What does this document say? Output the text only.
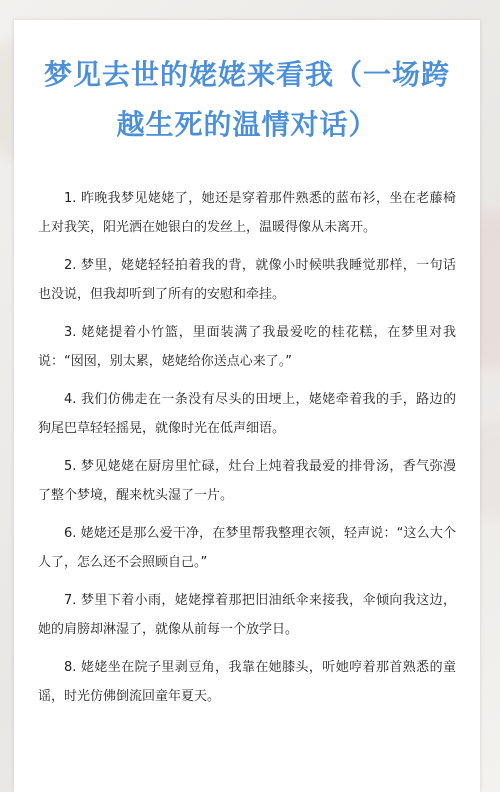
梦见去世的姥姥来看我（一场跨越生死的温情对话）

1. 昨晚我梦见姥姥了，她还是穿着那件熟悉的蓝布衫，坐在老藤椅上对我笑，阳光洒在她银白的发丝上，温暖得像从未离开。

2. 梦里，姥姥轻轻拍着我的背，就像小时候哄我睡觉那样，一句话也没说，但我却听到了所有的安慰和牵挂。

3. 姥姥提着小竹篮，里面装满了我最爱吃的桂花糕，在梦里对我说：“囡囡，别太累，姥姥给你送点心来了。”

4. 我们仿佛走在一条没有尽头的田埂上，姥姥牵着我的手，路边的狗尾巴草轻轻摇晃，就像时光在低声细语。

5. 梦见姥姥在厨房里忙碌，灶台上炖着我最爱的排骨汤，香气弥漫了整个梦境，醒来枕头湿了一片。

6. 姥姥还是那么爱干净，在梦里帮我整理衣领，轻声说：“这么大个人了，怎么还不会照顾自己。”

7. 梦里下着小雨，姥姥撑着那把旧油纸伞来接我，伞倾向我这边，她的肩膀却淋湿了，就像从前每一个放学日。

8. 姥姥坐在院子里剥豆角，我靠在她膝头，听她哼着那首熟悉的童谣，时光仿佛倒流回童年夏天。
